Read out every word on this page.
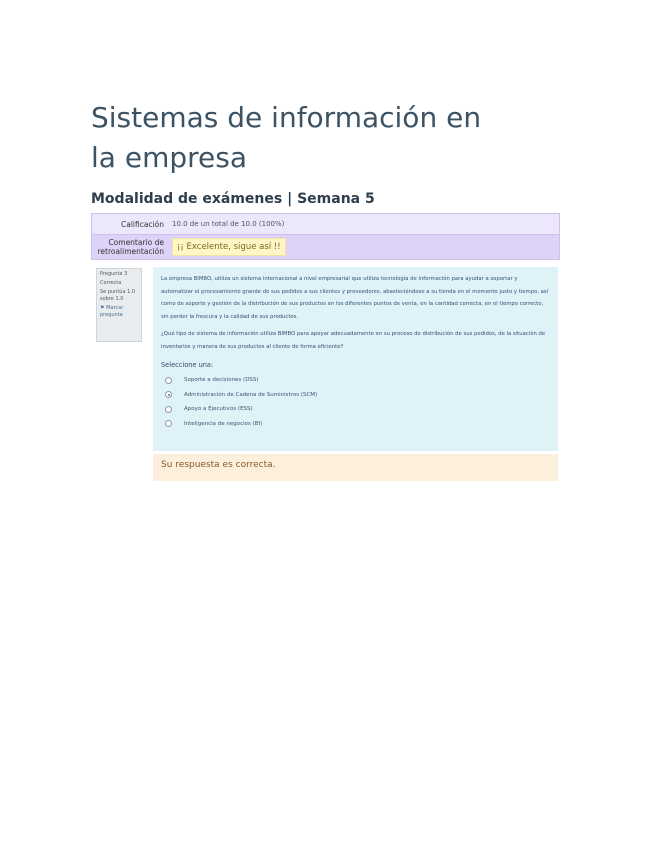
Sistemas de información en la empresa
Modalidad de exámenes | Semana 5
Calificación	10.0 de un total de 10.0 (100%)
Comentario de retroalimentación	¡¡ Excelente, sigue así !!
Pregunta 3
Correcta
Se puntúa 1.0 sobre 1.0
⚑ Marcar pregunta

La empresa BIMBO, utiliza un sistema internacional a nivel empresarial que utiliza tecnología de información para ayudar a soportar y automatizar el procesamiento grande de sus pedidos a sus clientes y proveedores, abasteciéndose a su tienda en el momento justo y tiempo, así como de soporte y gestión de la distribución de sus productos en los diferentes puntos de venta, en la cantidad correcta, en el tiempo correcto, sin perder la frescura y la calidad de sus productos.

¿Qué tipo de sistema de información utiliza BIMBO para apoyar adecuadamente en su proceso de distribución de sus pedidos, de la situación de inventarios y manera de sus productos al cliente de forma eficiente?

Seleccione una:
Soporte a decisiones (DSS)
Administración de Cadena de Suministros (SCM)
Apoyo a Ejecutivos (ESS)
Inteligencia de negocios (BI)
Su respuesta es correcta.
